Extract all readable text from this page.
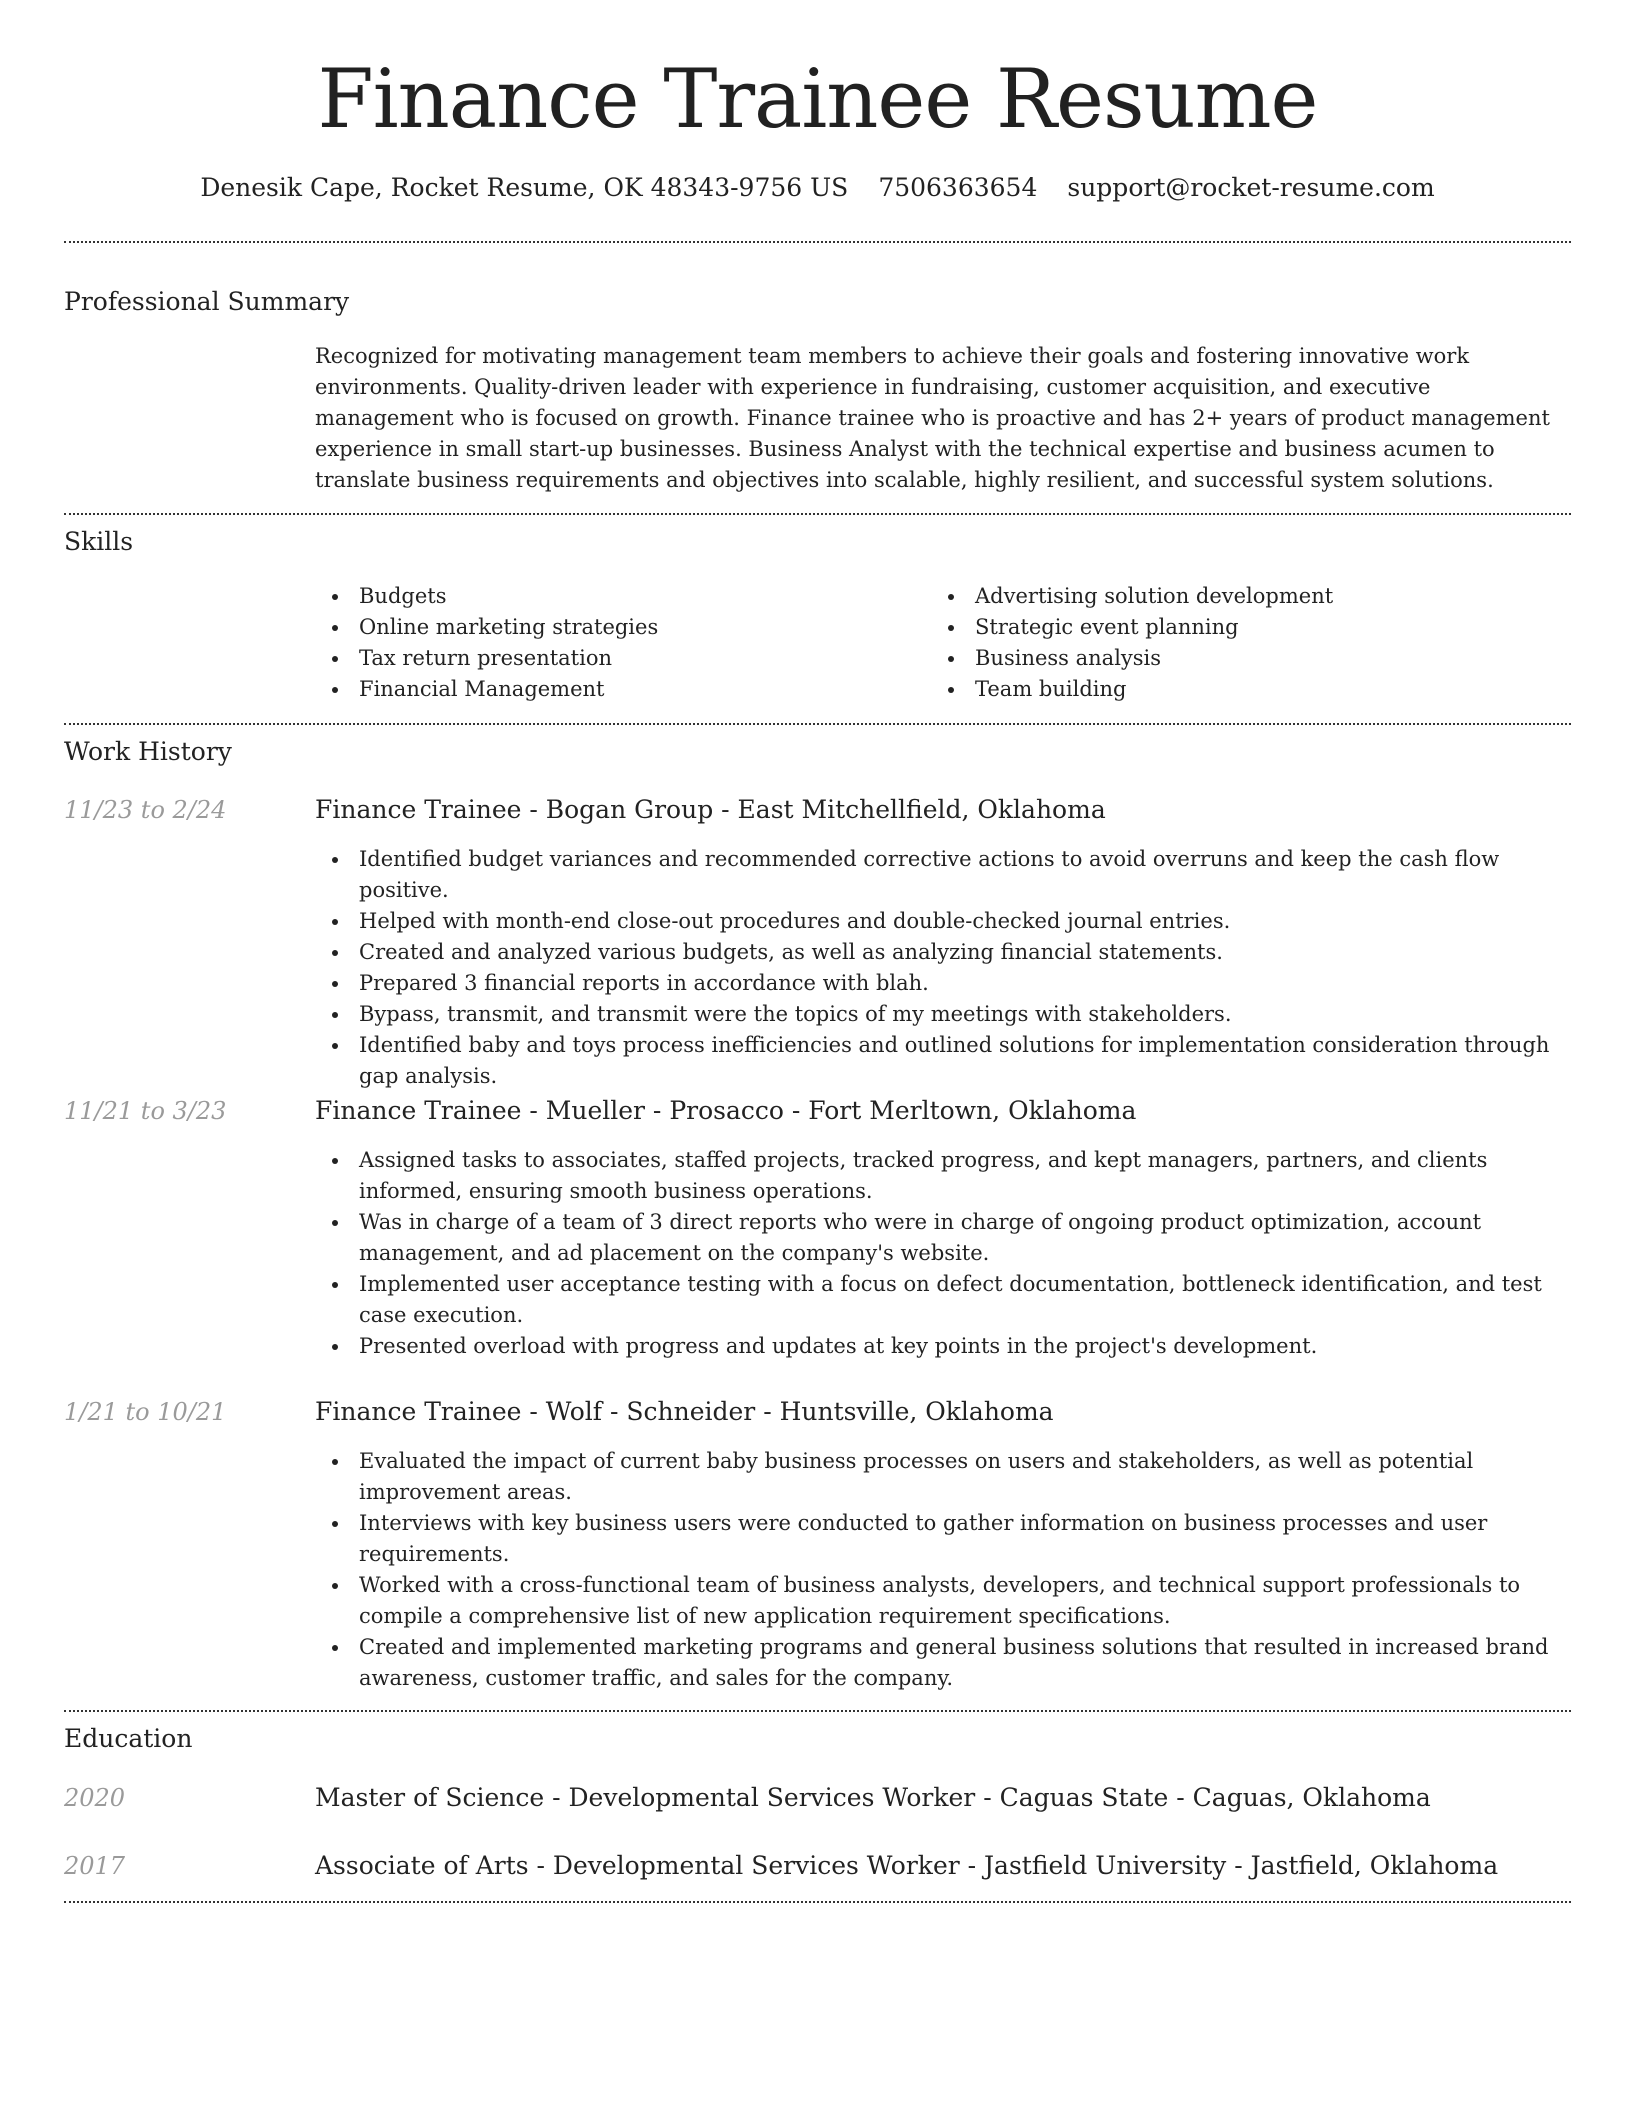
Finance Trainee Resume
Denesik Cape, Rocket Resume, OK 48343-9756 US 7506363654 support@rocket-resume.com
Professional Summary
Recognized for motivating management team members to achieve their goals and fostering innovative work environments. Quality-driven leader with experience in fundraising, customer acquisition, and executive management who is focused on growth. Finance trainee who is proactive and has 2+ years of product management experience in small start-up businesses. Business Analyst with the technical expertise and business acumen to translate business requirements and objectives into scalable, highly resilient, and successful system solutions.
Skills
Budgets
Online marketing strategies
Tax return presentation
Financial Management
Advertising solution development
Strategic event planning
Business analysis
Team building
Work History
11/23 to 2/24	Finance Trainee - Bogan Group - East Mitchellfield, Oklahoma
Identified budget variances and recommended corrective actions to avoid overruns and keep the cash flow positive.
Helped with month-end close-out procedures and double-checked journal entries.
Created and analyzed various budgets, as well as analyzing financial statements.
Prepared 3 financial reports in accordance with blah.
Bypass, transmit, and transmit were the topics of my meetings with stakeholders.
Identified baby and toys process inefficiencies and outlined solutions for implementation consideration through gap analysis.
11/21 to 3/23	Finance Trainee - Mueller - Prosacco - Fort Merltown, Oklahoma
Assigned tasks to associates, staffed projects, tracked progress, and kept managers, partners, and clients informed, ensuring smooth business operations.
Was in charge of a team of 3 direct reports who were in charge of ongoing product optimization, account management, and ad placement on the company's website.
Implemented user acceptance testing with a focus on defect documentation, bottleneck identification, and test case execution.
Presented overload with progress and updates at key points in the project's development.
1/21 to 10/21	Finance Trainee - Wolf - Schneider - Huntsville, Oklahoma
Evaluated the impact of current baby business processes on users and stakeholders, as well as potential improvement areas.
Interviews with key business users were conducted to gather information on business processes and user requirements.
Worked with a cross-functional team of business analysts, developers, and technical support professionals to compile a comprehensive list of new application requirement specifications.
Created and implemented marketing programs and general business solutions that resulted in increased brand awareness, customer traffic, and sales for the company.
Education
2020	Master of Science - Developmental Services Worker - Caguas State - Caguas, Oklahoma
2017	Associate of Arts - Developmental Services Worker - Jastfield University - Jastfield, Oklahoma
